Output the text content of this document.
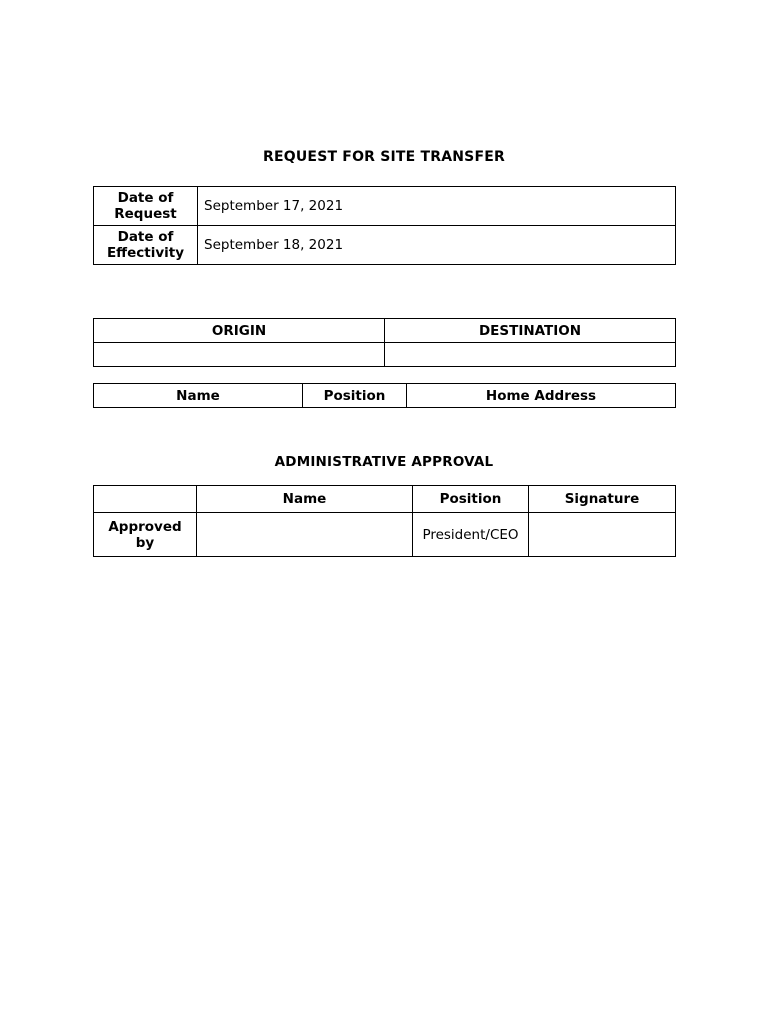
REQUEST FOR SITE TRANSFER
Date of Request	September 17, 2021
Date of Effectivity	September 18, 2021
ORIGIN	DESTINATION

Name	Position	Home Address
ADMINISTRATIVE APPROVAL
	Name	Position	Signature
Approved by		President/CEO	
